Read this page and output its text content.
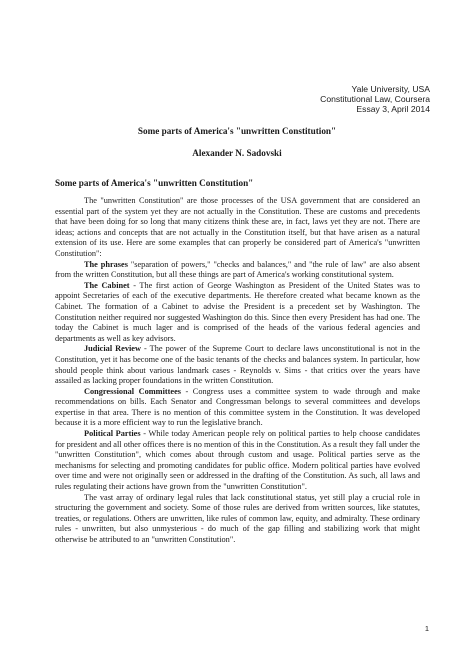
Yale University, USA
Constitutional Law, Coursera
Essay 3, April 2014
Some parts of America's "unwritten Constitution"
Alexander N. Sadovski
Some parts of America's "unwritten Constitution"

The "unwritten Constitution" are those processes of the USA government that are considered an essential part of the system yet they are not actually in the Constitution. These are customs and precedents that have been doing for so long that many citizens think these are, in fact, laws yet they are not. There are ideas; actions and concepts that are not actually in the Constitution itself, but that have arisen as a natural extension of its use. Here are some examples that can properly be considered part of America's "unwritten Constitution":

The phrases "separation of powers," "checks and balances," and "the rule of law" are also absent from the written Constitution, but all these things are part of America's working constitutional system.

The Cabinet - The first action of George Washington as President of the United States was to appoint Secretaries of each of the executive departments. He therefore created what became known as the Cabinet. The formation of a Cabinet to advise the President is a precedent set by Washington. The Constitution neither required nor suggested Washington do this. Since then every President has had one. The today the Cabinet is much lager and is comprised of the heads of the various federal agencies and departments as well as key advisors.

Judicial Review - The power of the Supreme Court to declare laws unconstitutional is not in the Constitution, yet it has become one of the basic tenants of the checks and balances system. In particular, how should people think about various landmark cases - Reynolds v. Sims - that critics over the years have assailed as lacking proper foundations in the written Constitution.

Congressional Committees - Congress uses a committee system to wade through and make recommendations on bills. Each Senator and Congressman belongs to several committees and develops expertise in that area. There is no mention of this committee system in the Constitution. It was developed because it is a more efficient way to run the legislative branch.

Political Parties - While today American people rely on political parties to help choose candidates for president and all other offices there is no mention of this in the Constitution. As a result they fall under the "unwritten Constitution", which comes about through custom and usage. Political parties serve as the mechanisms for selecting and promoting candidates for public office. Modern political parties have evolved over time and were not originally seen or addressed in the drafting of the Constitution. As such, all laws and rules regulating their actions have grown from the "unwritten Constitution".

The vast array of ordinary legal rules that lack constitutional status, yet still play a crucial role in structuring the government and society. Some of those rules are derived from written sources, like statutes, treaties, or regulations. Others are unwritten, like rules of common law, equity, and admiralty. These ordinary rules - unwritten, but also unmysterious - do much of the gap filling and stabilizing work that might otherwise be attributed to an "unwritten Constitution".

1
